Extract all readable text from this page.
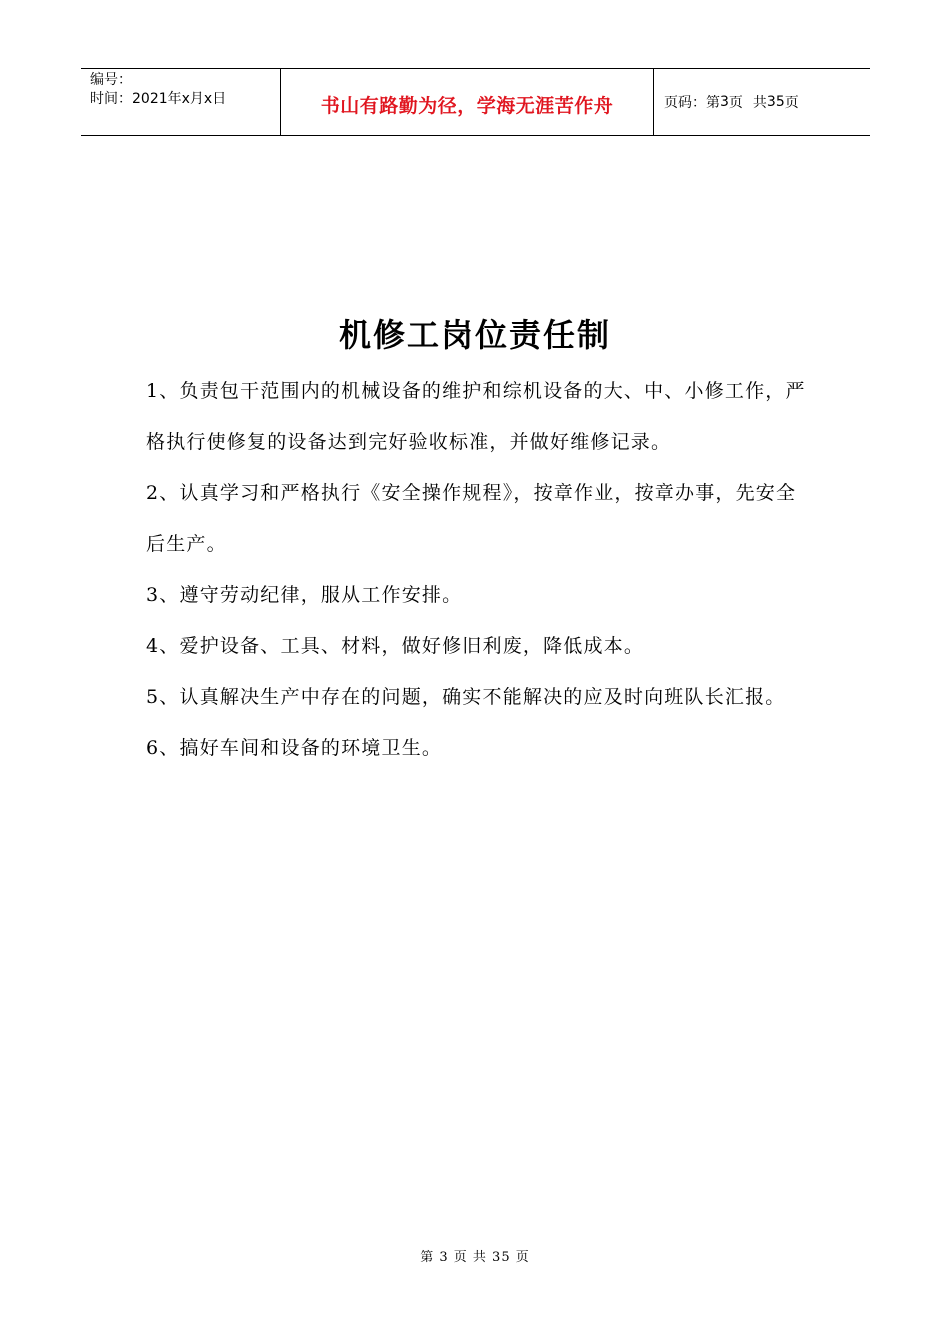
编号：
时间：2021年x月x日	书山有路勤为径，学海无涯苦作舟	页码：第 3 页 共 35 页
机修工岗位责任制

1、负责包干范围内的机械设备的维护和综机设备的大、中、小修工作，严格执行使修复的设备达到完好验收标准，并做好维修记录。

2、认真学习和严格执行《安全操作规程》，按章作业，按章办事，先安全后生产。

3、遵守劳动纪律，服从工作安排。

4、爱护设备、工具、材料，做好修旧利废，降低成本。

5、认真解决生产中存在的问题，确实不能解决的应及时向班队长汇报。

6、搞好车间和设备的环境卫生。

第 3 页 共 35 页
